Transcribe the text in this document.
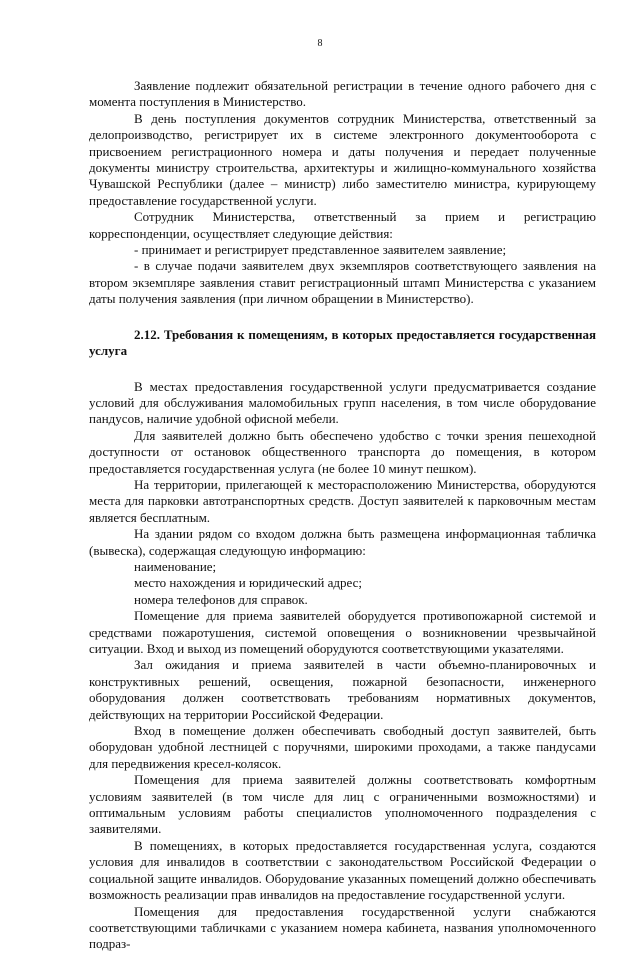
8

Заявление подлежит обязательной регистрации в течение одного рабочего дня с момента поступления в Министерство.

В день поступления документов сотрудник Министерства, ответственный за делопроизводство, регистрирует их в системе электронного документооборота с присвоением регистрационного номера и даты получения и передает полученные документы министру строительства, архитектуры и жилищно-коммунального хозяйства Чувашской Республики (далее – министр) либо заместителю министра, курирующему предоставление государственной услуги.

Сотрудник Министерства, ответственный за прием и регистрацию корреспонденции, осуществляет следующие действия:

- принимает и регистрирует представленное заявителем заявление;

- в случае подачи заявителем двух экземпляров соответствующего заявления на втором экземпляре заявления ставит регистрационный штамп Министерства с указанием даты получения заявления (при личном обращении в Министерство).

2.12. Требования к помещениям, в которых предоставляется государственная услуга

В местах предоставления государственной услуги предусматривается создание условий для обслуживания маломобильных групп населения, в том числе оборудование пандусов, наличие удобной офисной мебели.

Для заявителей должно быть обеспечено удобство с точки зрения пешеходной доступности от остановок общественного транспорта до помещения, в котором предоставляется государственная услуга (не более 10 минут пешком).

На территории, прилегающей к месторасположению Министерства, оборудуются места для парковки автотранспортных средств. Доступ заявителей к парковочным местам является бесплатным.

На здании рядом со входом должна быть размещена информационная табличка (вывеска), содержащая следующую информацию:

наименование;

место нахождения и юридический адрес;

номера телефонов для справок.

Помещение для приема заявителей оборудуется противопожарной системой и средствами пожаротушения, системой оповещения о возникновении чрезвычайной ситуации. Вход и выход из помещений оборудуются соответствующими указателями.

Зал ожидания и приема заявителей в части объемно-планировочных и конструктивных решений, освещения, пожарной безопасности, инженерного оборудования должен соответствовать требованиям нормативных документов, действующих на территории Российской Федерации.

Вход в помещение должен обеспечивать свободный доступ заявителей, быть оборудован удобной лестницей с поручнями, широкими проходами, а также пандусами для передвижения кресел-колясок.

Помещения для приема заявителей должны соответствовать комфортным условиям заявителей (в том числе для лиц с ограниченными возможностями) и оптимальным условиям работы специалистов уполномоченного подразделения с заявителями.

В помещениях, в которых предоставляется государственная услуга, создаются условия для инвалидов в соответствии с законодательством Российской Федерации о социальной защите инвалидов. Оборудование указанных помещений должно обеспечивать возможность реализации прав инвалидов на предоставление государственной услуги.

Помещения для предоставления государственной услуги снабжаются соответствующими табличками с указанием номера кабинета, названия уполномоченного подраз-
